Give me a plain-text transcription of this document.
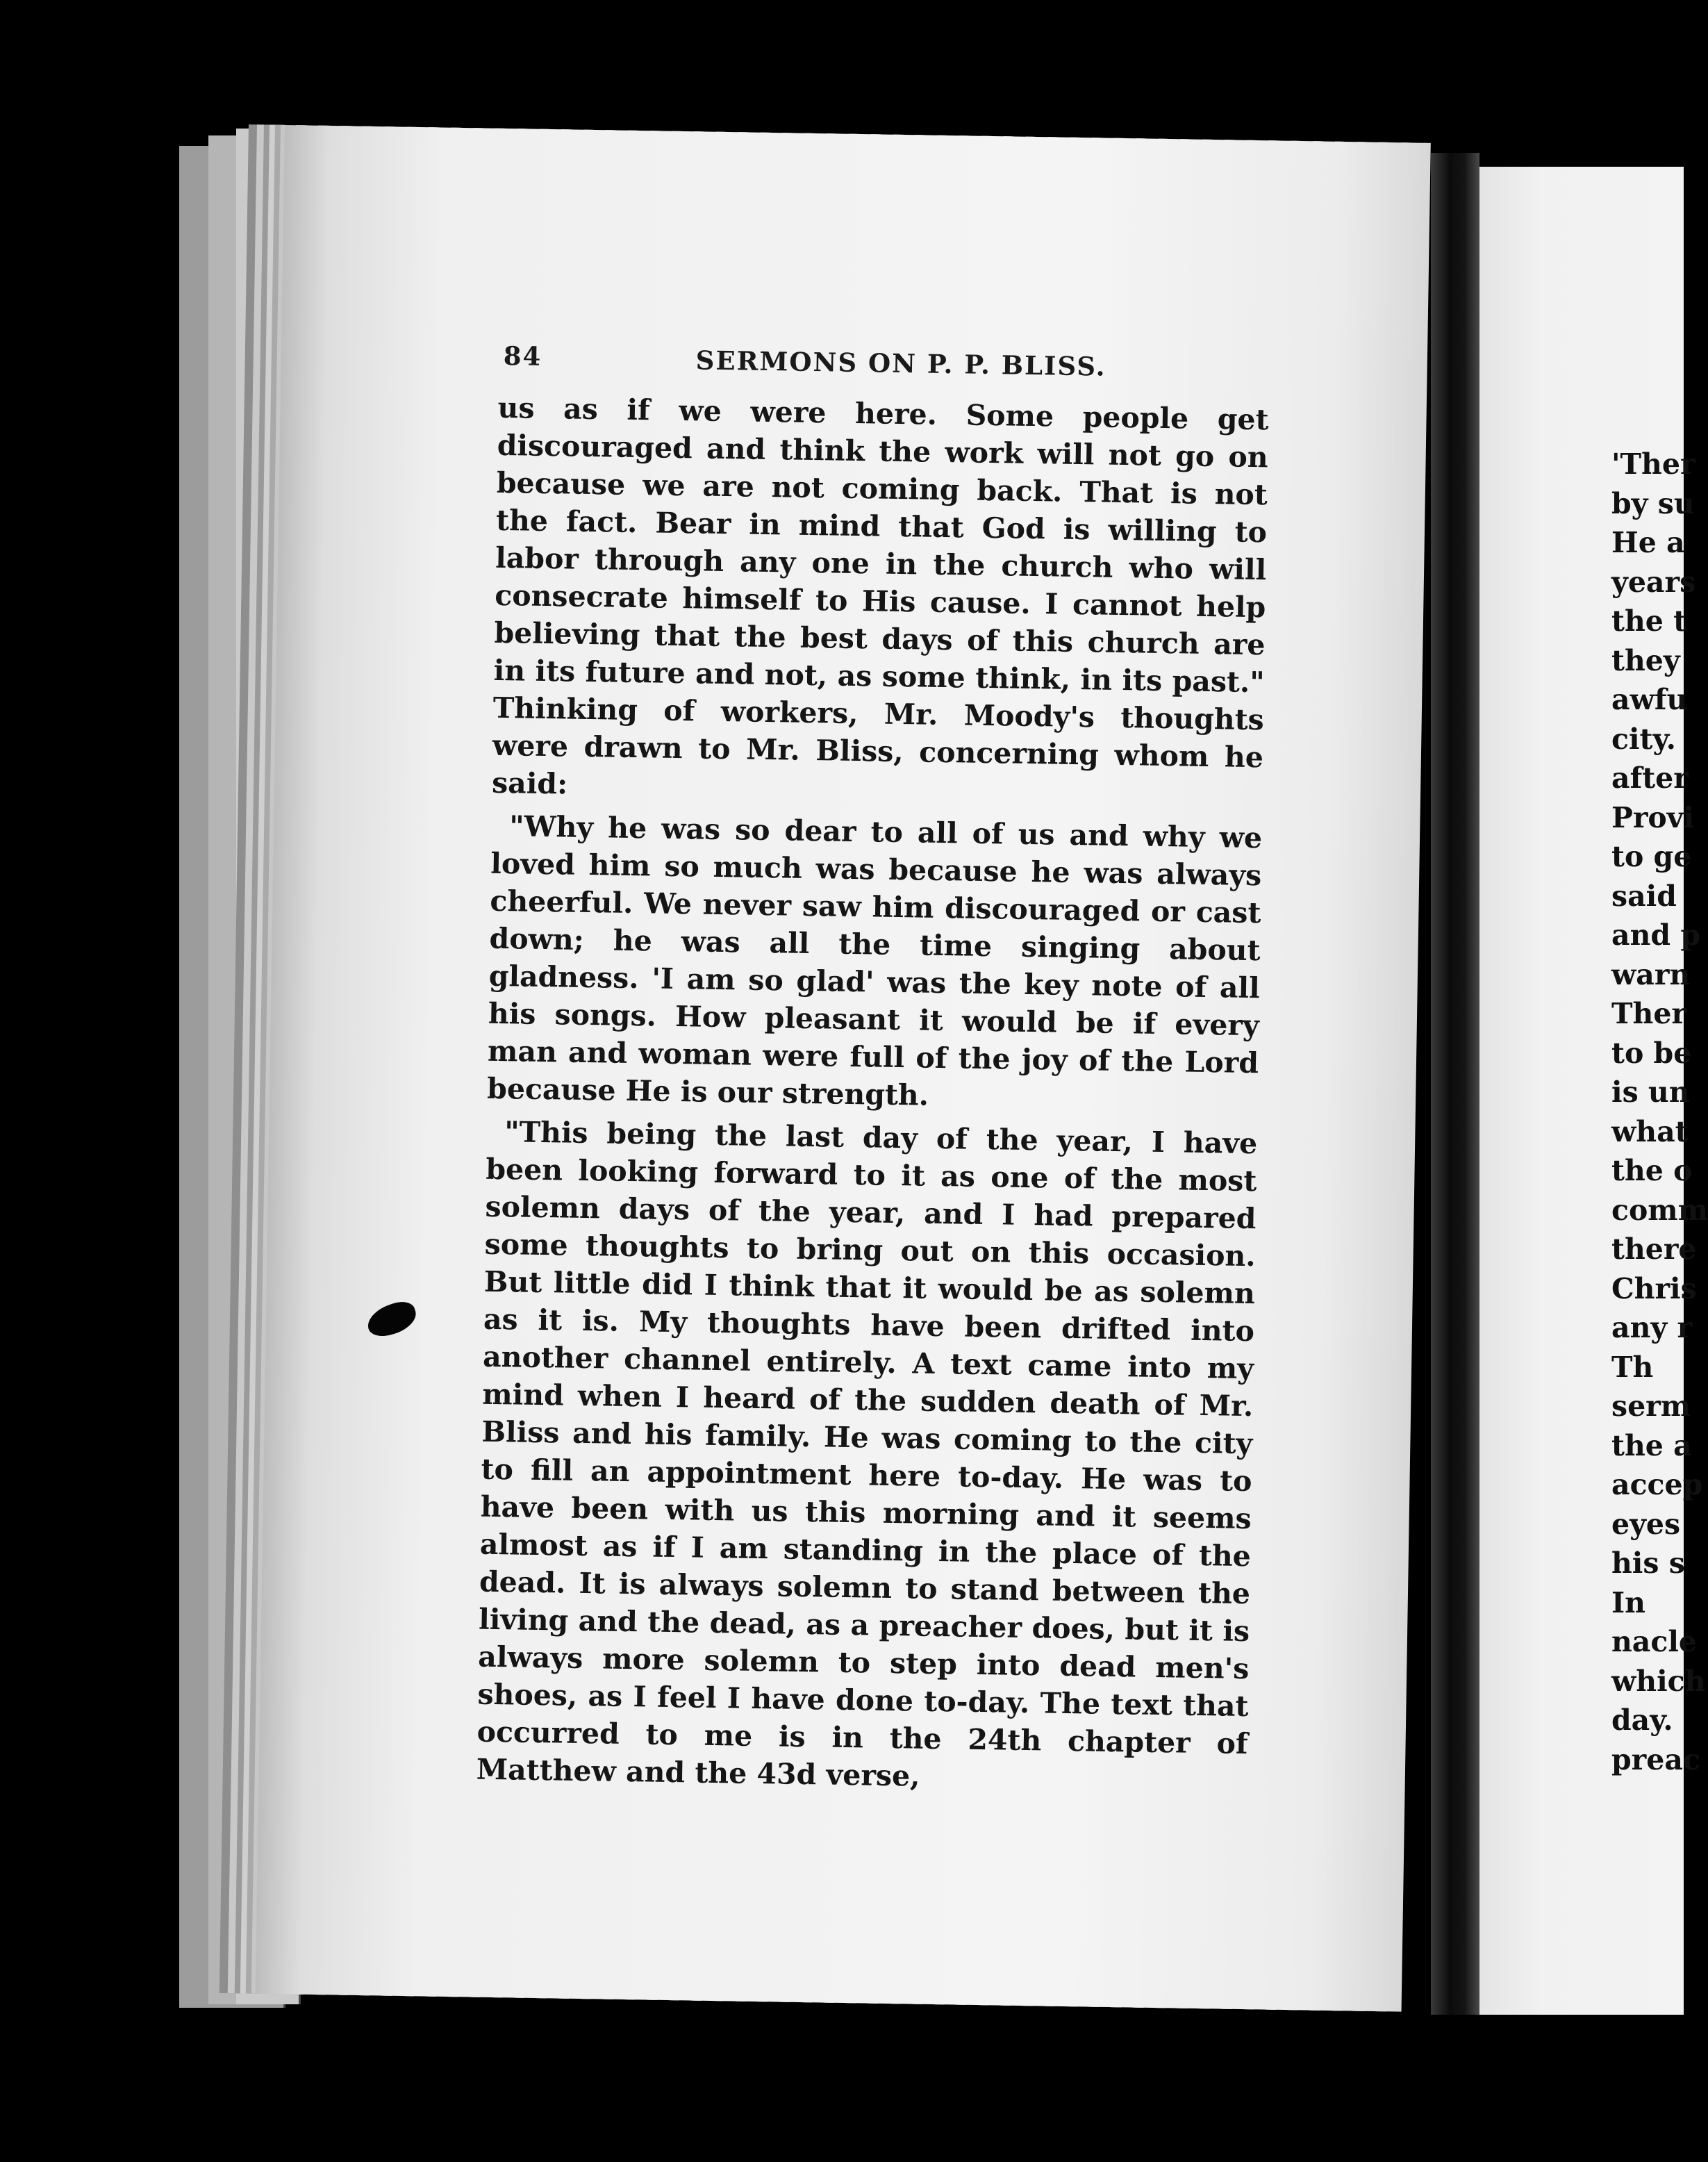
84	SERMONS ON P. P. BLISS.

us as if we were here. Some people get discouraged and think the work will not go on because we are not coming back. That is not the fact. Bear in mind that God is willing to labor through any one in the church who will consecrate himself to His cause. I cannot help believing that the best days of this church are in its future and not, as some think, in its past." Thinking of workers, Mr. Moody's thoughts were drawn to Mr. Bliss, concerning whom he said:

"Why he was so dear to all of us and why we loved him so much was because he was always cheerful. We never saw him discouraged or cast down; he was all the time singing about gladness. 'I am so glad' was the key note of all his songs. How pleasant it would be if every man and woman were full of the joy of the Lord because He is our strength.

"This being the last day of the year, I have been looking forward to it as one of the most solemn days of the year, and I had prepared some thoughts to bring out on this occasion. But little did I think that it would be as solemn as it is. My thoughts have been drifted into another channel entirely. A text came into my mind when I heard of the sudden death of Mr. Bliss and his family. He was coming to the city to fill an appointment here to-day. He was to have been with us this morning and it seems almost as if I am standing in the place of the dead. It is always solemn to stand between the living and the dead, as a preacher does, but it is always more solemn to step into dead men's shoes, as I feel I have done to-day. The text that occurred to me is in the 24th chapter of Matthew and the 43d verse,

'Ther
by su
He a
years
the t
they
awfu
city.
after
Provi
to ge
said
and p
warn
Ther
to be
is un
what
the o
comm
there
Chris
any r
Th
serm
the a
accep
eyes
his s
In
nacle
which
day.
preac
